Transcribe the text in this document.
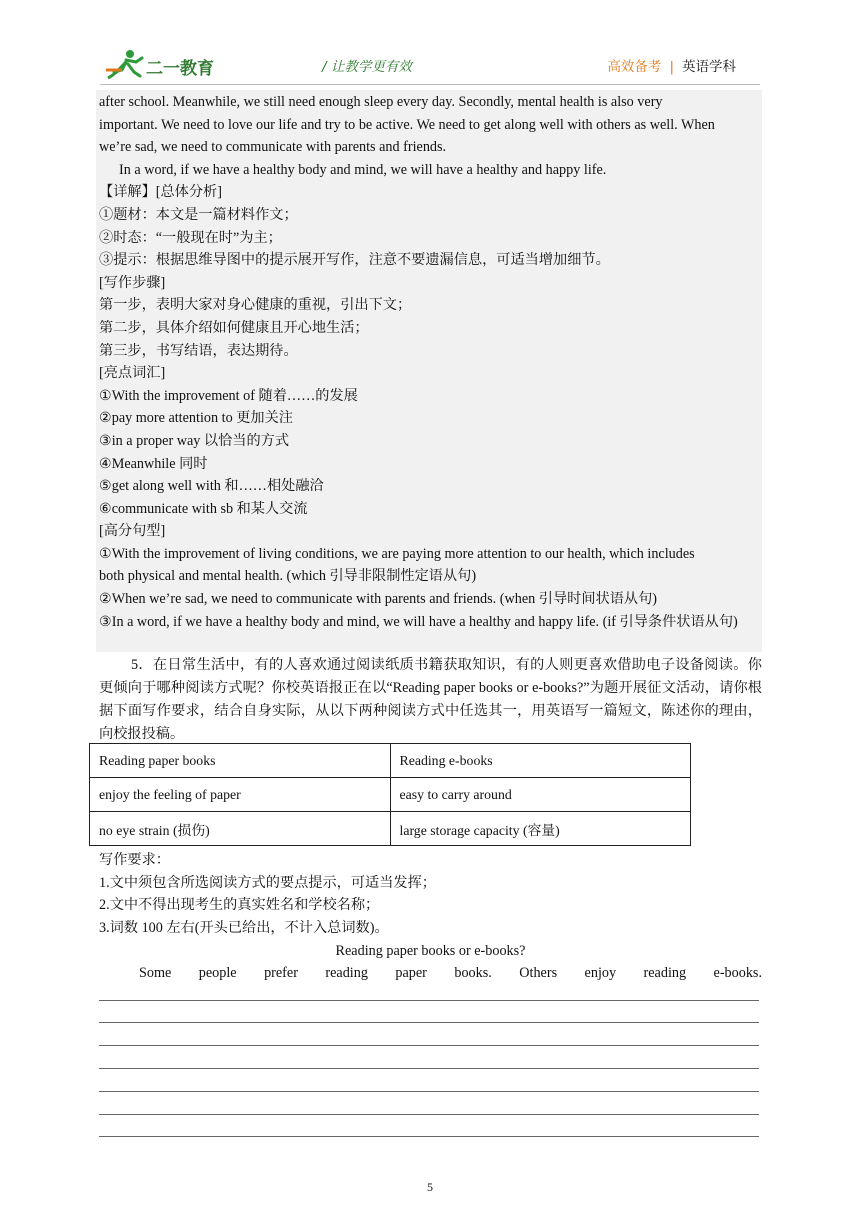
二一教育	/ 让教学更有效	高效备考 | 英语学科
after school. Meanwhile, we still need enough sleep every day. Secondly, mental health is also very
important. We need to love our life and try to be active. We need to get along well with others as well. When
we’re sad, we need to communicate with parents and friends.
In a word, if we have a healthy body and mind, we will have a healthy and happy life.
【详解】[总体分析]
①题材：本文是一篇材料作文；
②时态：“一般现在时”为主；
③提示：根据思维导图中的提示展开写作，注意不要遗漏信息，可适当增加细节。
[写作步骤]
第一步，表明大家对身心健康的重视，引出下文；
第二步，具体介绍如何健康且开心地生活；
第三步，书写结语，表达期待。
[亮点词汇]
①With the improvement of 随着……的发展
②pay more attention to 更加关注
③in a proper way 以恰当的方式
④Meanwhile 同时
⑤get along well with 和……相处融洽
⑥communicate with sb 和某人交流
[高分句型]
①With the improvement of living conditions, we are paying more attention to our health, which includes
both physical and mental health. (which 引导非限制性定语从句)
②When we’re sad, we need to communicate with parents and friends. (when 引导时间状语从句)
③In a word, if we have a healthy body and mind, we will have a healthy and happy life. (if 引导条件状语从句)
5．在日常生活中，有的人喜欢通过阅读纸质书籍获取知识，有的人则更喜欢借助电子设备阅读。你更倾向于哪种阅读方式呢？你校英语报正在以“Reading paper books or e-books?”为题开展征文活动，请你根据下面写作要求，结合自身实际，从以下两种阅读方式中任选其一，用英语写一篇短文，陈述你的理由，向校报投稿。
Reading paper books	Reading e-books
enjoy the feeling of paper	easy to carry around
no eye strain (损伤)	large storage capacity (容量)
写作要求：
1.文中须包含所选阅读方式的要点提示，可适当发挥；
2.文中不得出现考生的真实姓名和学校名称；
3.词数 100 左右(开头已给出，不计入总词数)。
Reading paper books or e-books?
Some people prefer reading paper books. Others enjoy reading e-books.
5
